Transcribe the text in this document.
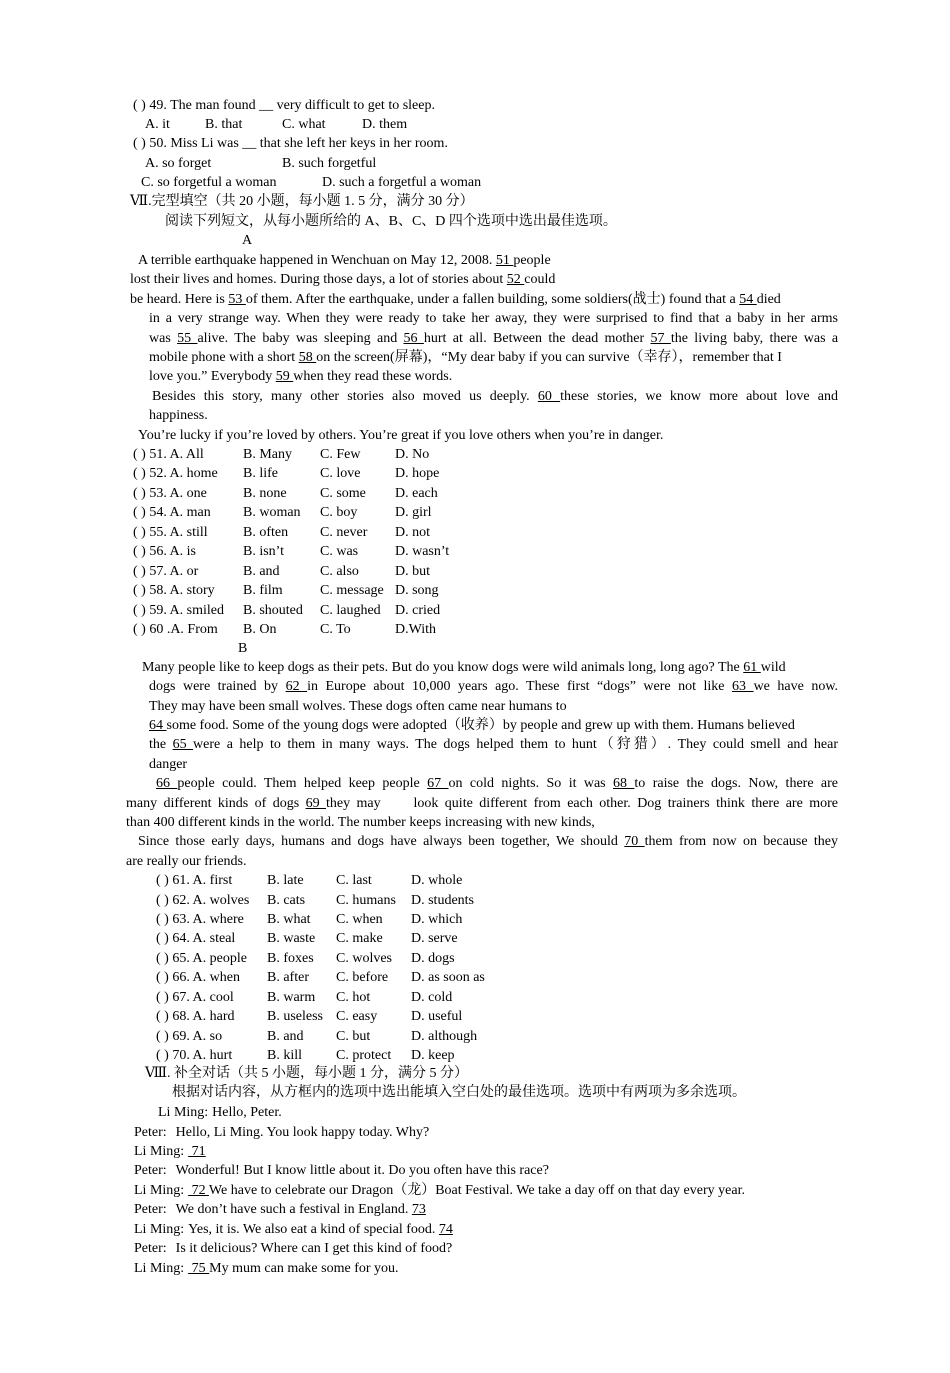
( ) 49. The man found __ very difficult to get to sleep.
A. it	B. that	C. what	D. them
( ) 50. Miss Li was __ that she left her keys in her room.
A. so forget	B. such forgetful
C. so forgetful a woman	D. such a forgetful a woman
Ⅶ.完型填空（共 20 小题，每小题 1. 5 分，满分 30 分）
阅读下列短文，从每小题所给的 A、B、C、D 四个选项中选出最佳选项。
A
A terrible earthquake happened in Wenchuan on May 12, 2008. 51 people
lost their lives and homes. During those days, a lot of stories about 52 could
be heard. Here is 53 of them. After the earthquake, under a fallen building, some soldiers(战士) found that a 54 died
in a very strange way. When they were ready to take her away, they were surprised to find that a baby in her arms
was 55 alive. The baby was sleeping and 56 hurt at all. Between the dead mother 57 the living baby, there was a
mobile phone with a short 58 on the screen(屏幕)，“My dear baby if you can survive（幸存），remember that I
love you.” Everybody 59 when they read these words.
Besides this story, many other stories also moved us deeply. 60 these stories, we know more about love and
happiness.
You’re lucky if you’re loved by others. You’re great if you love others when you’re in danger.
( ) 51. A. All	B. Many C. Few D. No
( ) 52. A. home B. life	C. love D. hope
( ) 53. A. one	B. none C. some D. each
( ) 54. A. man B. woman C. boy	D. girl
( ) 55. A. still	B. often C. never D. not
( ) 56. A. is	B. isn’t	C. was	D. wasn’t
( ) 57. A. or	B. and	C. also	D. but
( ) 58. A. story B. film	C. message D. song
( ) 59. A. smiled B. shouted C. laughed D. cried
( ) 60 .A. From B. On	C. To	D.With
B
Many people like to keep dogs as their pets. But do you know dogs were wild animals long, long ago? The 61 wild
dogs were trained by 62 in Europe about 10,000 years ago. These first “dogs” were not like 63 we have now.
They may have been small wolves. These dogs often came near humans to
64 some food. Some of the young dogs were adopted（收养）by people and grew up with them. Humans believed
the 65 were a help to them in many ways. The dogs helped them to hunt（狩猎）. They could smell and hear
danger
66 people could. Them helped keep people 67 on cold nights. So it was 68 to raise the dogs. Now, there are
many different kinds of dogs 69 they may look quite different from each other. Dog trainers think there are more
than 400 different kinds in the world. The number keeps increasing with new kinds,
Since those early days, humans and dogs have always been together, We should 70 them from now on because they
are really our friends.
( ) 61. A. first B. late C. last	D. whole
( ) 62. A. wolves B. cats C. humans D. students
( ) 63. A. where B. what C. when D. which
( ) 64. A. steal B. waste C. make D. serve
( ) 65. A. people B. foxes C. wolves D. dogs
( ) 66. A. when B. after C. before D. as soon as
( ) 67. A. cool B. warm C. hot	D. cold
( ) 68. A. hard B. useless C. easy D. useful
( ) 69. A. so	B. and C. but	D. although
( ) 70. A. hurt B. kill C. protect D. keep
Ⅷ. 补全对话（共 5 小题，每小题 1 分，满分 5 分）
根据对话内容，从方框内的选项中选出能填入空白处的最佳选项。选项中有两项为多余选项。
Li Ming: Hello, Peter.
Peter: Hello, Li Ming. You look happy today. Why?
Li Ming: 71
Peter: Wonderful! But I know little about it. Do you often have this race?
Li Ming: 72 We have to celebrate our Dragon（龙）Boat Festival. We take a day off on that day every year.
Peter: We don’t have such a festival in England. 73
Li Ming: Yes, it is. We also eat a kind of special food. 74
Peter: Is it delicious? Where can I get this kind of food?
Li Ming: 75 My mum can make some for you.
